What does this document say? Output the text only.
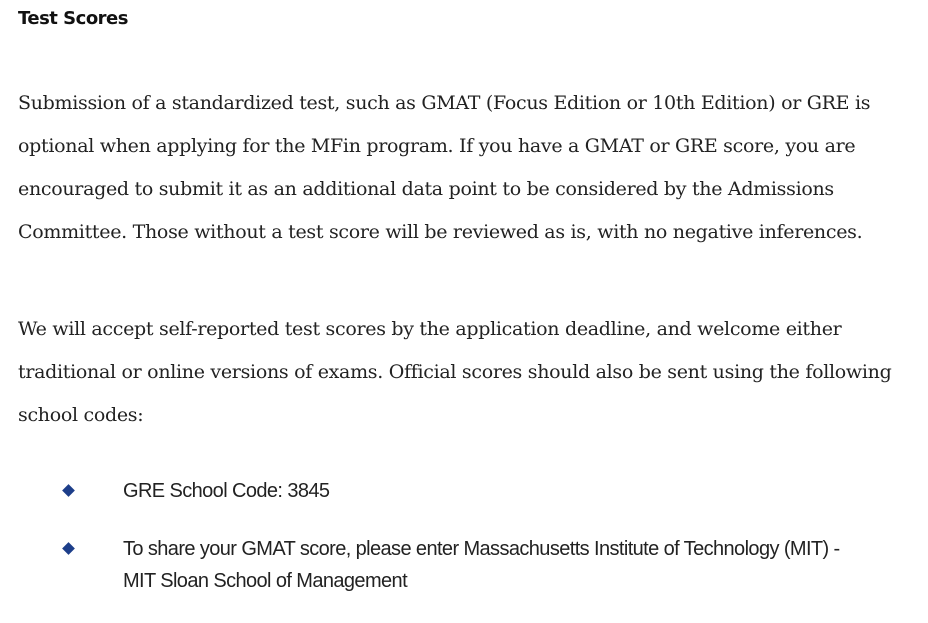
Test Scores

Submission of a standardized test, such as GMAT (Focus Edition or 10th Edition) or GRE is optional when applying for the MFin program. If you have a GMAT or GRE score, you are encouraged to submit it as an additional data point to be considered by the Admissions Committee. Those without a test score will be reviewed as is, with no negative inferences.

We will accept self-reported test scores by the application deadline, and welcome either traditional or online versions of exams. Official scores should also be sent using the following school codes:

GRE School Code: 3845
To share your GMAT score, please enter Massachusetts Institute of Technology (MIT) - MIT Sloan School of Management
